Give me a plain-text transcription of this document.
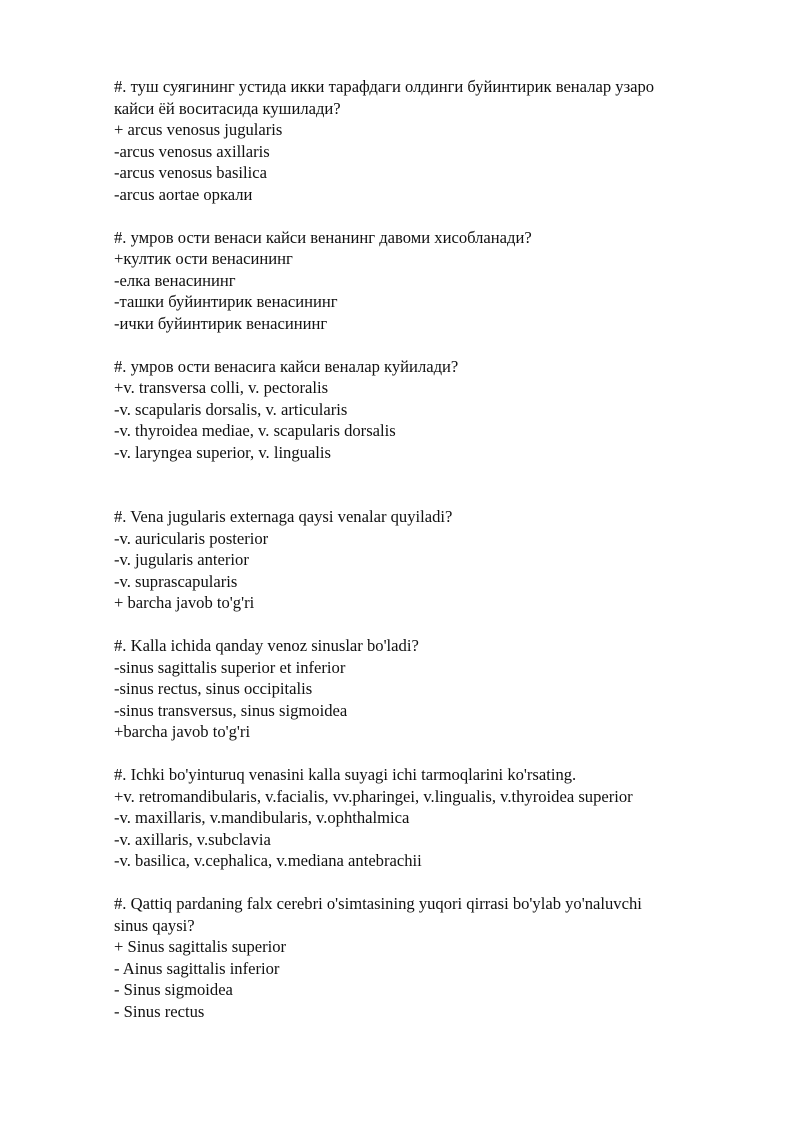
#. туш суягининг устида икки тарафдаги олдинги буйинтирик веналар узаро
кайси ёй воситасида кушилади?
+ arcus venosus jugularis
-arcus venosus axillaris
-arcus venosus basilica
-arcus aortae оркали
#. умров ости венаси кайси венанинг давоми хисобланади?
+култик ости венасининг
-елка венасининг
-ташки буйинтирик венасининг
-ички буйинтирик венасининг
#. умров ости венасига кайси веналар куйилади?
+v. transversa colli, v. pectoralis
-v. scapularis dorsalis, v. articularis
-v. thyroidea mediae, v. scapularis dorsalis
-v. laryngea superior, v. lingualis
#. Vena jugularis externaga qaysi venalar quyiladi?
-v. auricularis posterior
-v. jugularis anterior
-v. suprascapularis
+ barcha javob to'g'ri
#. Kalla ichida qanday venoz sinuslar bo'ladi?
-sinus sagittalis superior et inferior
-sinus rectus, sinus occipitalis
-sinus transversus, sinus sigmoidea
+barcha javob to'g'ri
#. Ichki bo'yinturuq venasini kalla suyagi ichi tarmoqlarini ko'rsating.
+v. retromandibularis, v.facialis, vv.pharingei, v.lingualis, v.thyroidea superior
-v. maxillaris, v.mandibularis, v.ophthalmica
-v. axillaris, v.subclavia
-v. basilica, v.cephalica, v.mediana antebrachii
#. Qattiq pardaning falx cerebri o'simtasining yuqori qirrasi bo'ylab yo'naluvchi
sinus qaysi?
+ Sinus sagittalis superior
- Ainus sagittalis inferior
- Sinus sigmoidea
- Sinus rectus
